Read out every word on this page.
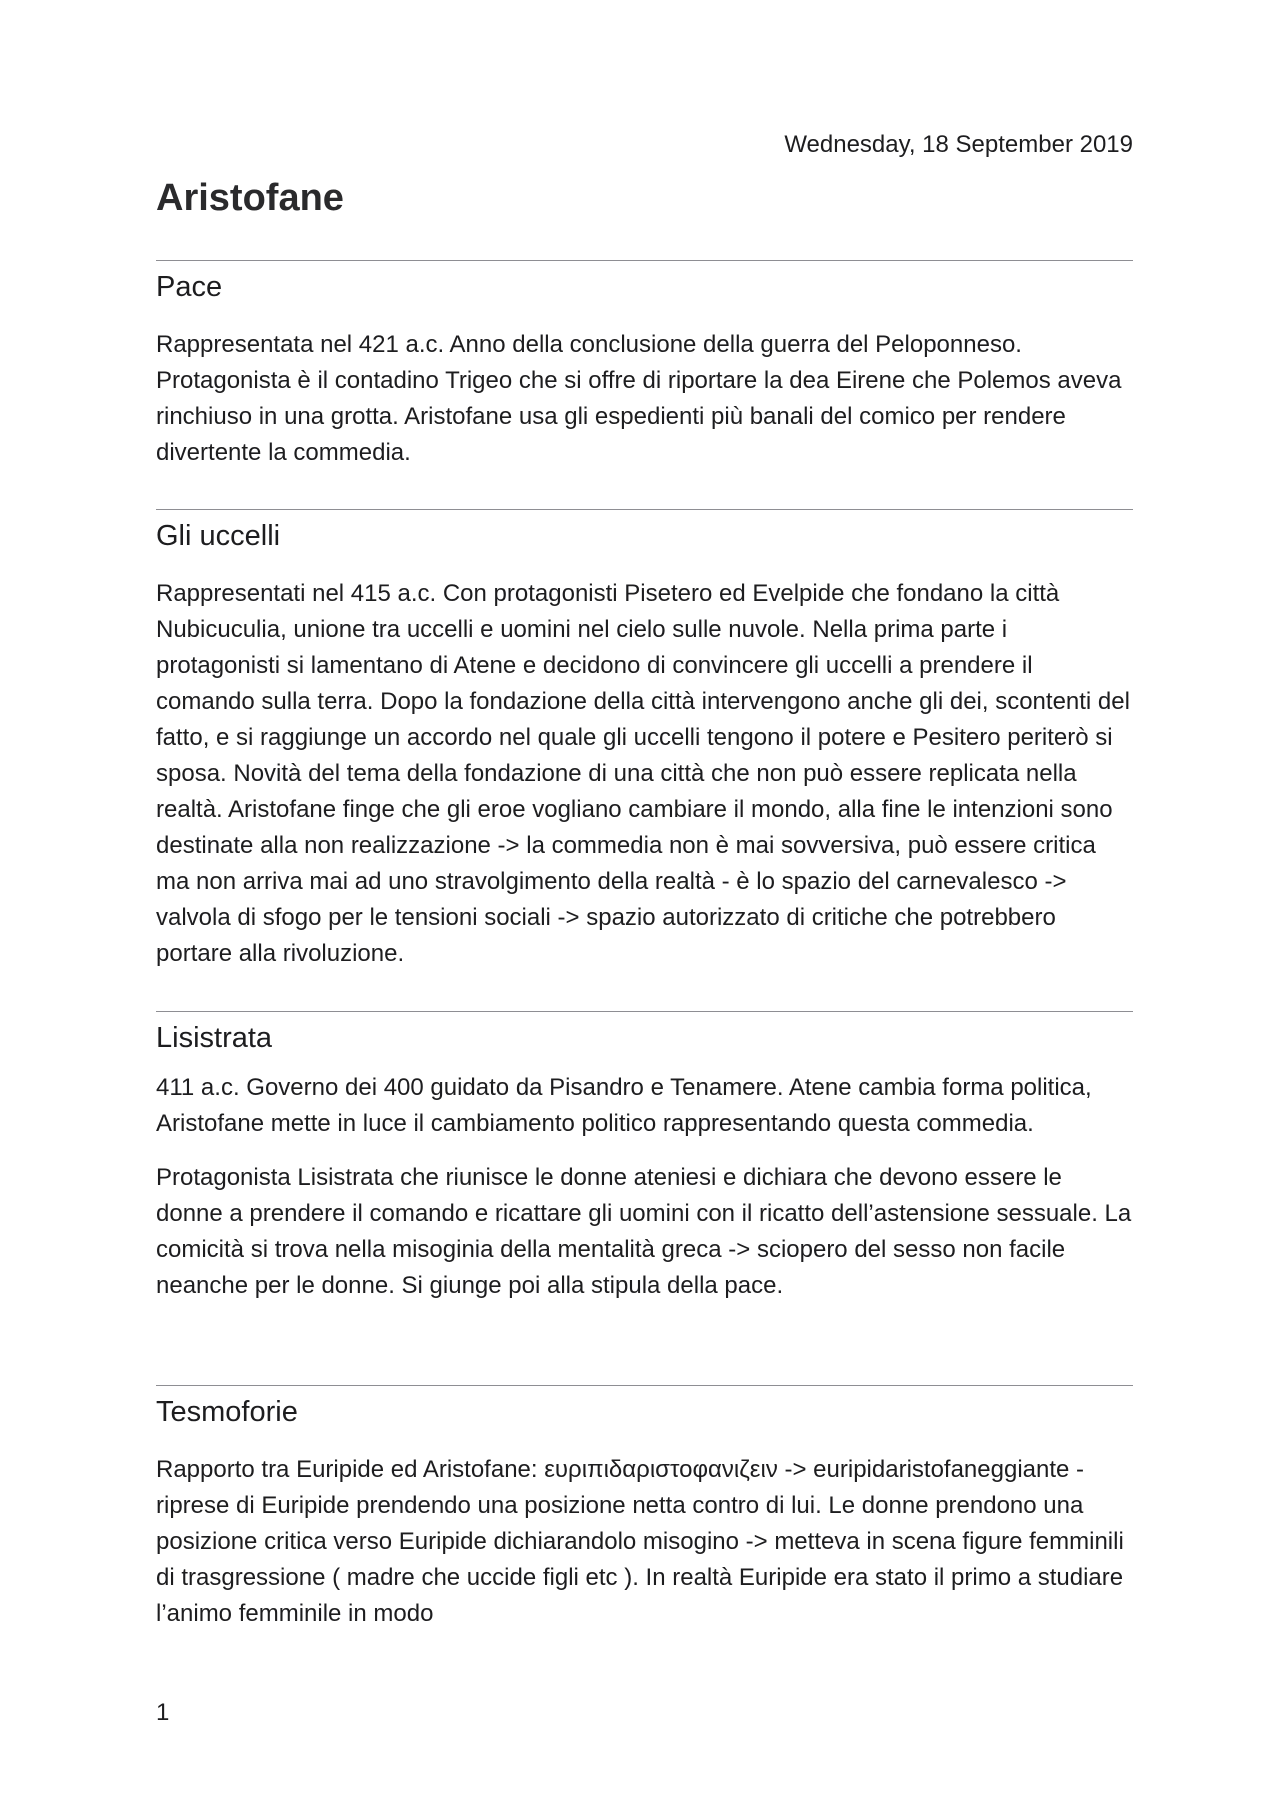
Wednesday, 18 September 2019
Aristofane
Pace

Rappresentata nel 421 a.c. Anno della conclusione della guerra del Peloponneso. Protagonista è il contadino Trigeo che si offre di riportare la dea Eirene che Polemos aveva rinchiuso in una grotta. Aristofane usa gli espedienti più banali del comico per rendere divertente la commedia.

Gli uccelli

Rappresentati nel 415 a.c. Con protagonisti Pisetero ed Evelpide che fondano la città Nubicuculia, unione tra uccelli e uomini nel cielo sulle nuvole. Nella prima parte i protagonisti si lamentano di Atene e decidono di convincere gli uccelli a prendere il comando sulla terra. Dopo la fondazione della città intervengono anche gli dei, scontenti del fatto, e si raggiunge un accordo nel quale gli uccelli tengono il potere e Pesitero periterò si sposa. Novità del tema della fondazione di una città che non può essere replicata nella realtà. Aristofane finge che gli eroe vogliano cambiare il mondo, alla fine le intenzioni sono destinate alla non realizzazione -> la commedia non è mai sovversiva, può essere critica ma non arriva mai ad uno stravolgimento della realtà - è lo spazio del carnevalesco -> valvola di sfogo per le tensioni sociali -> spazio autorizzato di critiche che potrebbero portare alla rivoluzione.

Lisistrata

411 a.c. Governo dei 400 guidato da Pisandro e Tenamere. Atene cambia forma politica, Aristofane mette in luce il cambiamento politico rappresentando questa commedia.

Protagonista Lisistrata che riunisce le donne ateniesi e dichiara che devono essere le donne a prendere il comando e ricattare gli uomini con il ricatto dell’astensione sessuale. La comicità si trova nella misoginia della mentalità greca -> sciopero del sesso non facile neanche per le donne. Si giunge poi alla stipula della pace.

Tesmoforie

Rapporto tra Euripide ed Aristofane: ευριπιδαριστοφανιζειν -> euripidaristofaneggiante - riprese di Euripide prendendo una posizione netta contro di lui. Le donne prendono una posizione critica verso Euripide dichiarandolo misogino -> metteva in scena figure femminili di trasgressione ( madre che uccide figli etc ). In realtà Euripide era stato il primo a studiare l’animo femminile in modo

1
